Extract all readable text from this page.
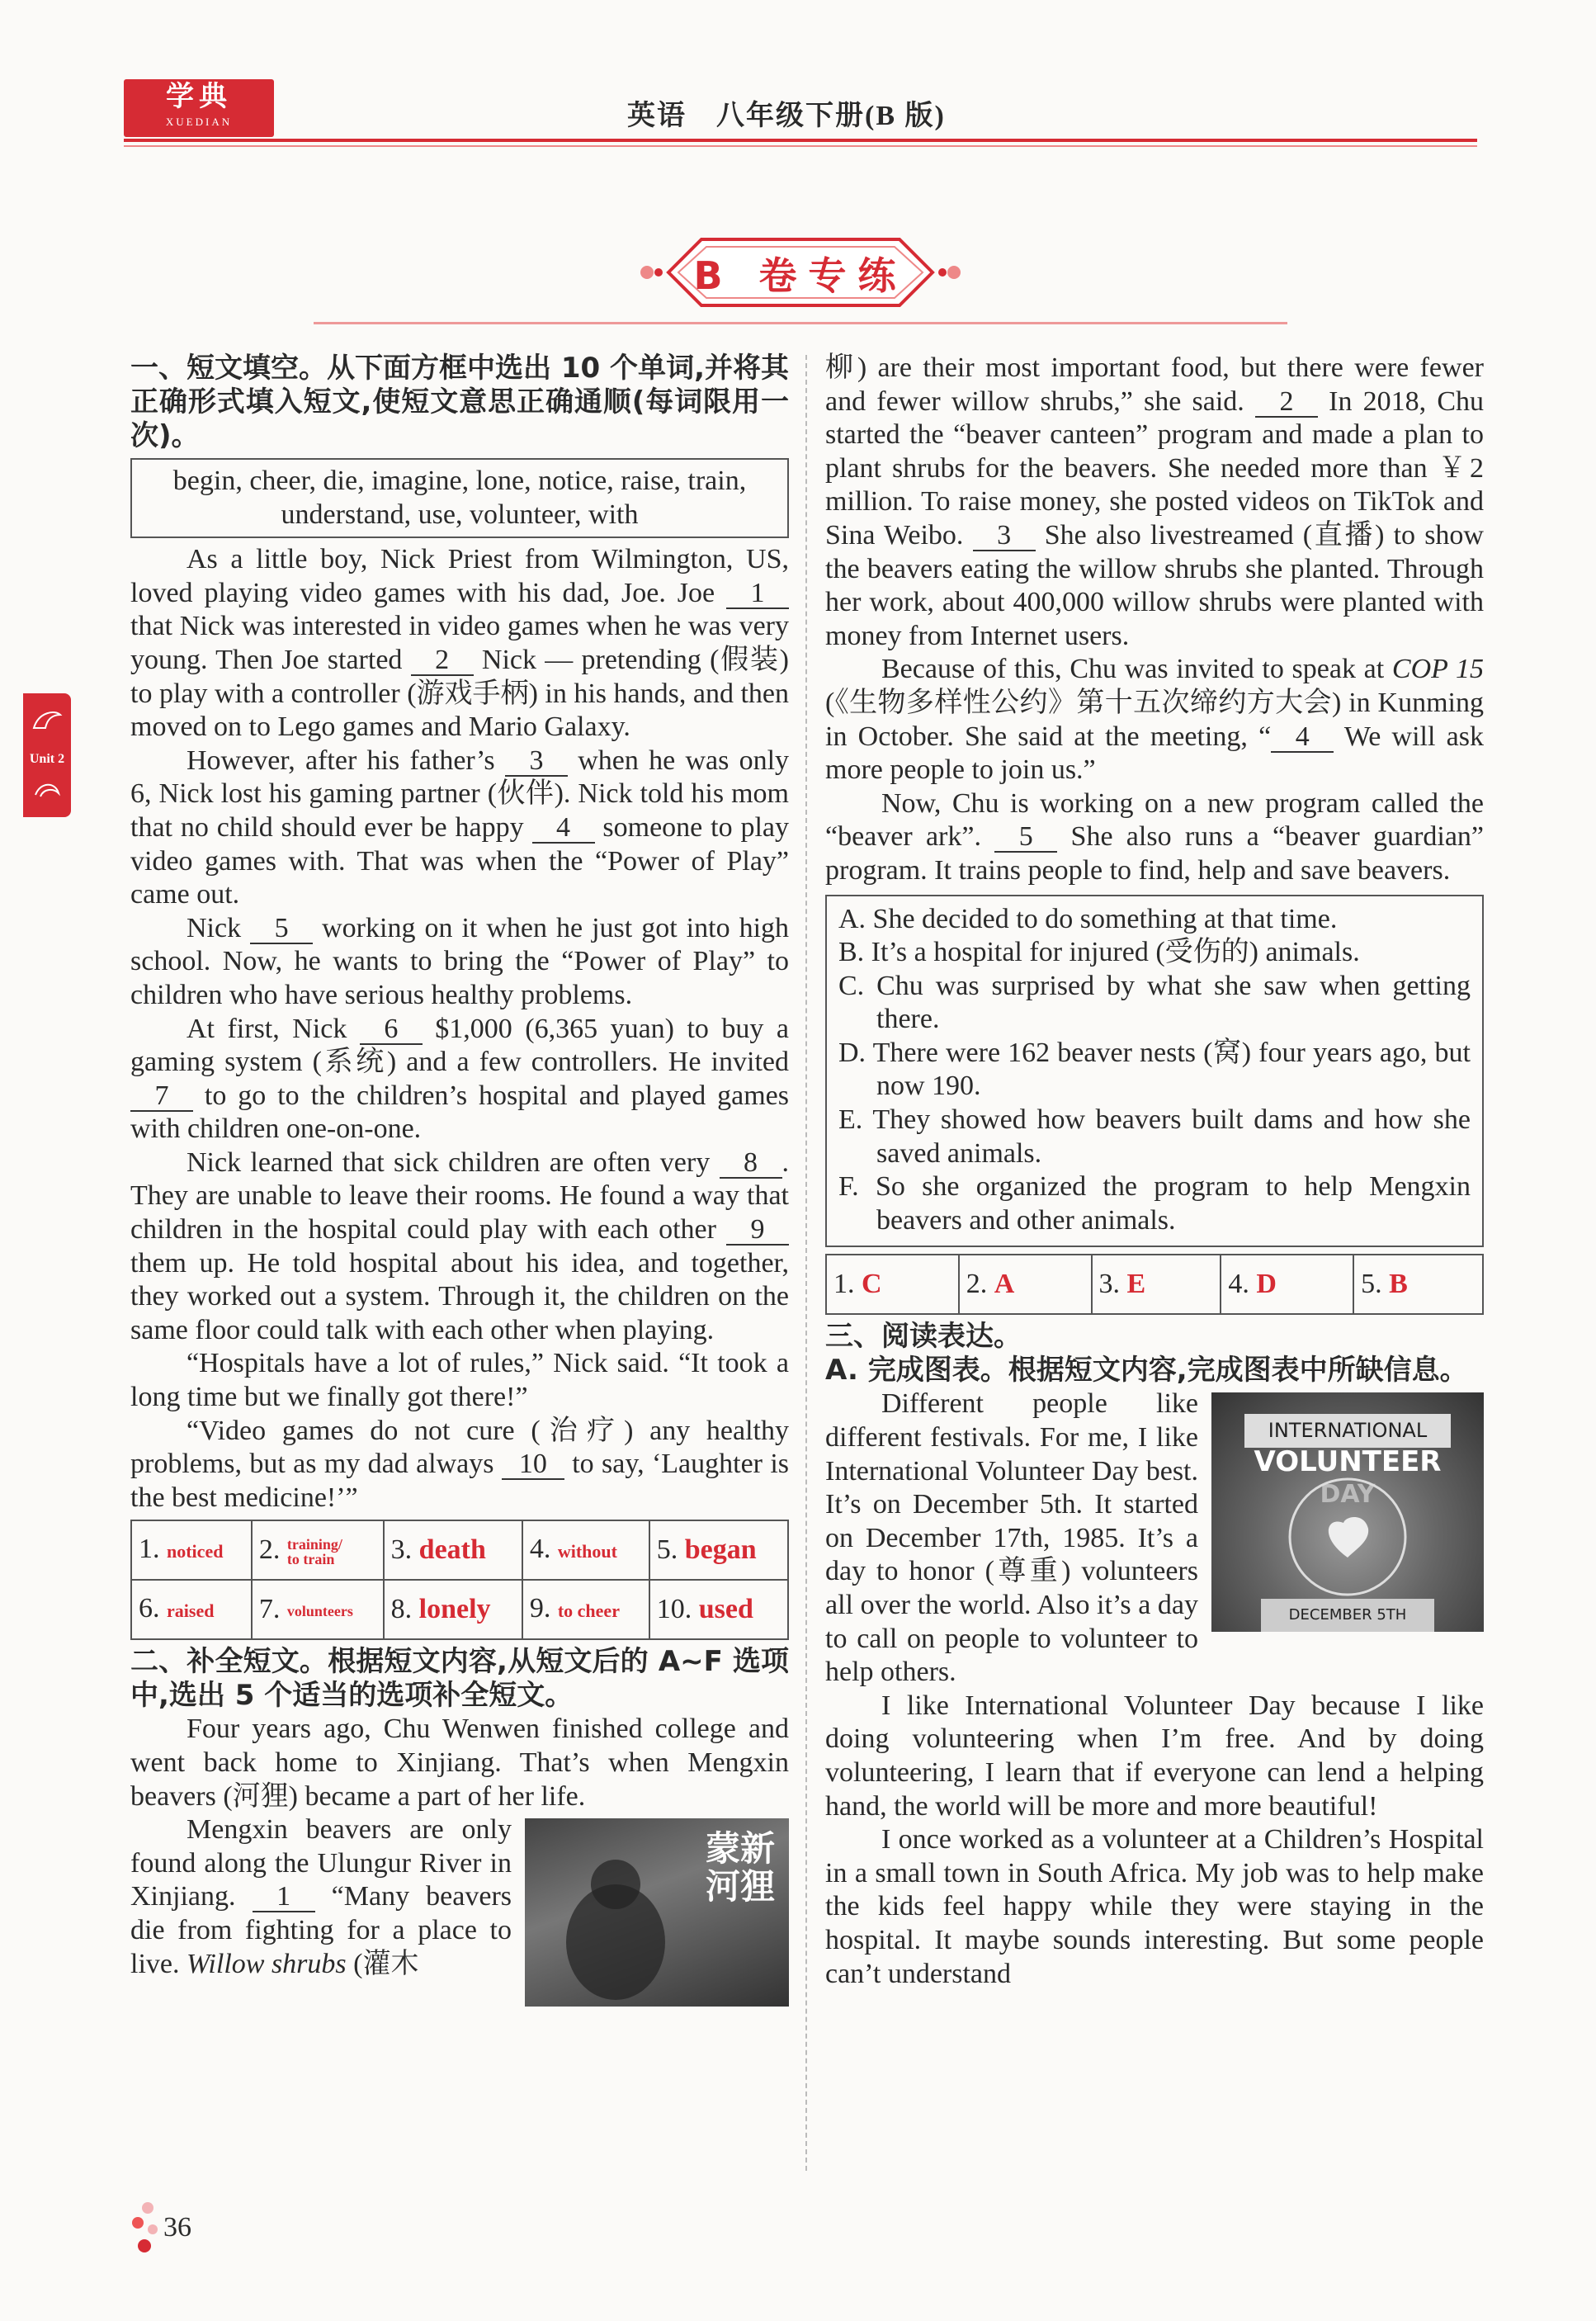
学典
XUEDIAN	英语　八年级下册(B 版)
B 卷专练
Unit 2
一、短文填空。从下面方框中选出 10 个单词,并将其正确形式填入短文,使短文意思正确通顺(每词限用一次)。
begin, cheer, die, imagine, lone, notice, raise, train, understand, use, volunteer, with

As a little boy, Nick Priest from Wilmington, US, loved playing video games with his dad, Joe. Joe 1 that Nick was interested in video games when he was very young. Then Joe started 2 Nick — pretending (假装) to play with a controller (游戏手柄) in his hands, and then moved on to Lego games and Mario Galaxy.

However, after his father’s 3 when he was only 6, Nick lost his gaming partner (伙伴). Nick told his mom that no child should ever be happy 4 someone to play video games with. That was when the “Power of Play” came out.

Nick 5 working on it when he just got into high school. Now, he wants to bring the “Power of Play” to children who have serious healthy problems.

At first, Nick 6 $1,000 (6,365 yuan) to buy a gaming system (系统) and a few controllers. He invited 7 to go to the children’s hospital and played games with children one-on-one.

Nick learned that sick children are often very 8 . They are unable to leave their rooms. He found a way that children in the hospital could play with each other 9 them up. He told hospital about his idea, and together, they worked out a system. Through it, the children on the same floor could talk with each other when playing.

“Hospitals have a lot of rules,” Nick said. “It took a long time but we finally got there!”

“Video games do not cure (治疗) any healthy problems, but as my dad always 10 to say, ‘Laughter is the best medicine!’”

1. noticed	2. training/ to train	3. death	4. without	5. began
6. raised	7. volunteers	8. lonely	9. to cheer	10. used
二、补全短文。根据短文内容,从短文后的 A~F 选项中,选出 5 个适当的选项补全短文。

Four years ago, Chu Wenwen finished college and went back home to Xinjiang. That’s when Mengxin beavers (河狸) became a part of her life.

蒙新河狸

Mengxin beavers are only found along the Ulungur River in Xinjiang. 1 “Many beavers die from fighting for a place to live. Willow shrubs (灌木

柳) are their most important food, but there were fewer and fewer willow shrubs,” she said. 2 In 2018, Chu started the “beaver canteen” program and made a plan to plant shrubs for the beavers. She needed more than ￥2 million. To raise money, she posted videos on TikTok and Sina Weibo. 3 She also livestreamed (直播) to show the beavers eating the willow shrubs she planted. Through her work, about 400,000 willow shrubs were planted with money from Internet users.

Because of this, Chu was invited to speak at COP 15 (《生物多样性公约》第十五次缔约方大会) in Kunming in October. She said at the meeting, “ 4 We will ask more people to join us.”

Now, Chu is working on a new program called the “beaver ark”. 5 She also runs a “beaver guardian” program. It trains people to find, help and save beavers.

A. She decided to do something at that time.
B. It’s a hospital for injured (受伤的) animals.
C. Chu was surprised by what she saw when getting there.
D. There were 162 beaver nests (窝) four years ago, but now 190.
E. They showed how beavers built dams and how she saved animals.
F. So she organized the program to help Mengxin beavers and other animals.
1. C	2. A	3. E	4. D	5. B
三、阅读表达。
A. 完成图表。根据短文内容,完成图表中所缺信息。
INTERNATIONAL
VOLUNTEER
DAY
DECEMBER 5TH

Different people like different festivals. For me, I like International Volunteer Day best. It’s on December 5th. It started on December 17th, 1985. It’s a day to honor (尊重) volunteers all over the world. Also it’s a day to call on people to volunteer to help others.

I like International Volunteer Day because I like doing volunteering when I’m free. And by doing volunteering, I learn that if everyone can lend a helping hand, the world will be more and more beautiful!

I once worked as a volunteer at a Children’s Hospital in a small town in South Africa. My job was to help make the kids feel happy while they were staying in the hospital. It maybe sounds interesting. But some people can’t understand

36
